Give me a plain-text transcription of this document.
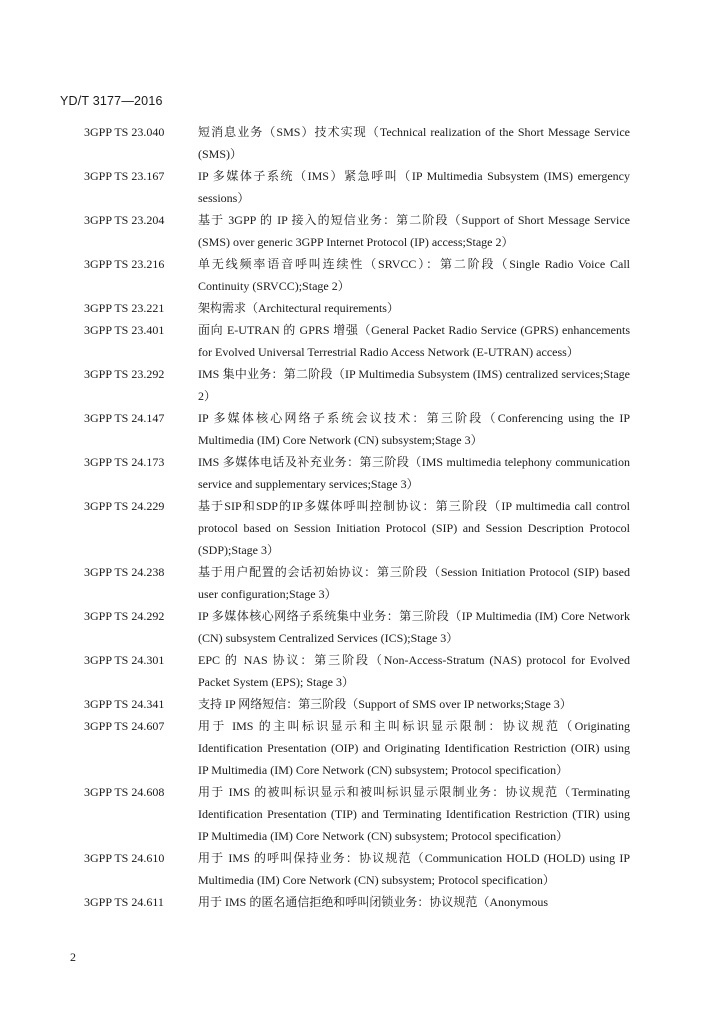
YD/T 3177—2016
3GPP TS 23.040	短消息业务（SMS）技术实现（Technical realization of the Short Message Service (SMS)）
3GPP TS 23.167	IP 多媒体子系统（IMS）紧急呼叫（IP Multimedia Subsystem (IMS) emergency sessions）
3GPP TS 23.204	基于 3GPP 的 IP 接入的短信业务：第二阶段（Support of Short Message Service (SMS) over generic 3GPP Internet Protocol (IP) access;Stage 2）
3GPP TS 23.216	单无线频率语音呼叫连续性（SRVCC）：第二阶段（Single Radio Voice Call Continuity (SRVCC);Stage 2）
3GPP TS 23.221	架构需求（Architectural requirements）
3GPP TS 23.401	面向 E-UTRAN 的 GPRS 增强（General Packet Radio Service (GPRS) enhancements for Evolved Universal Terrestrial Radio Access Network (E-UTRAN) access）
3GPP TS 23.292	IMS 集中业务：第二阶段（IP Multimedia Subsystem (IMS) centralized services;Stage 2）
3GPP TS 24.147	IP 多媒体核心网络子系统会议技术：第三阶段（Conferencing using the IP Multimedia (IM) Core Network (CN) subsystem;Stage 3）
3GPP TS 24.173	IMS 多媒体电话及补充业务：第三阶段（IMS multimedia telephony communication service and supplementary services;Stage 3）
3GPP TS 24.229	基于SIP和SDP的IP多媒体呼叫控制协议：第三阶段（IP multimedia call control protocol based on Session Initiation Protocol (SIP) and Session Description Protocol (SDP);Stage 3）
3GPP TS 24.238	基于用户配置的会话初始协议：第三阶段（Session Initiation Protocol (SIP) based user configuration;Stage 3）
3GPP TS 24.292	IP 多媒体核心网络子系统集中业务：第三阶段（IP Multimedia (IM) Core Network (CN) subsystem Centralized Services (ICS);Stage 3）
3GPP TS 24.301	EPC 的 NAS 协议：第三阶段（Non-Access-Stratum (NAS) protocol for Evolved Packet System (EPS); Stage 3）
3GPP TS 24.341	支持 IP 网络短信：第三阶段（Support of SMS over IP networks;Stage 3）
3GPP TS 24.607	用于 IMS 的主叫标识显示和主叫标识显示限制：协议规范（Originating Identification Presentation (OIP) and Originating Identification Restriction (OIR) using IP Multimedia (IM) Core Network (CN) subsystem; Protocol specification）
3GPP TS 24.608	用于 IMS 的被叫标识显示和被叫标识显示限制业务：协议规范（Terminating Identification Presentation (TIP) and Terminating Identification Restriction (TIR) using IP Multimedia (IM) Core Network (CN) subsystem; Protocol specification）
3GPP TS 24.610	用于 IMS 的呼叫保持业务：协议规范（Communication HOLD (HOLD) using IP Multimedia (IM) Core Network (CN) subsystem; Protocol specification）
3GPP TS 24.611	用于 IMS 的匿名通信拒绝和呼叫闭锁业务：协议规范（Anonymous
2
